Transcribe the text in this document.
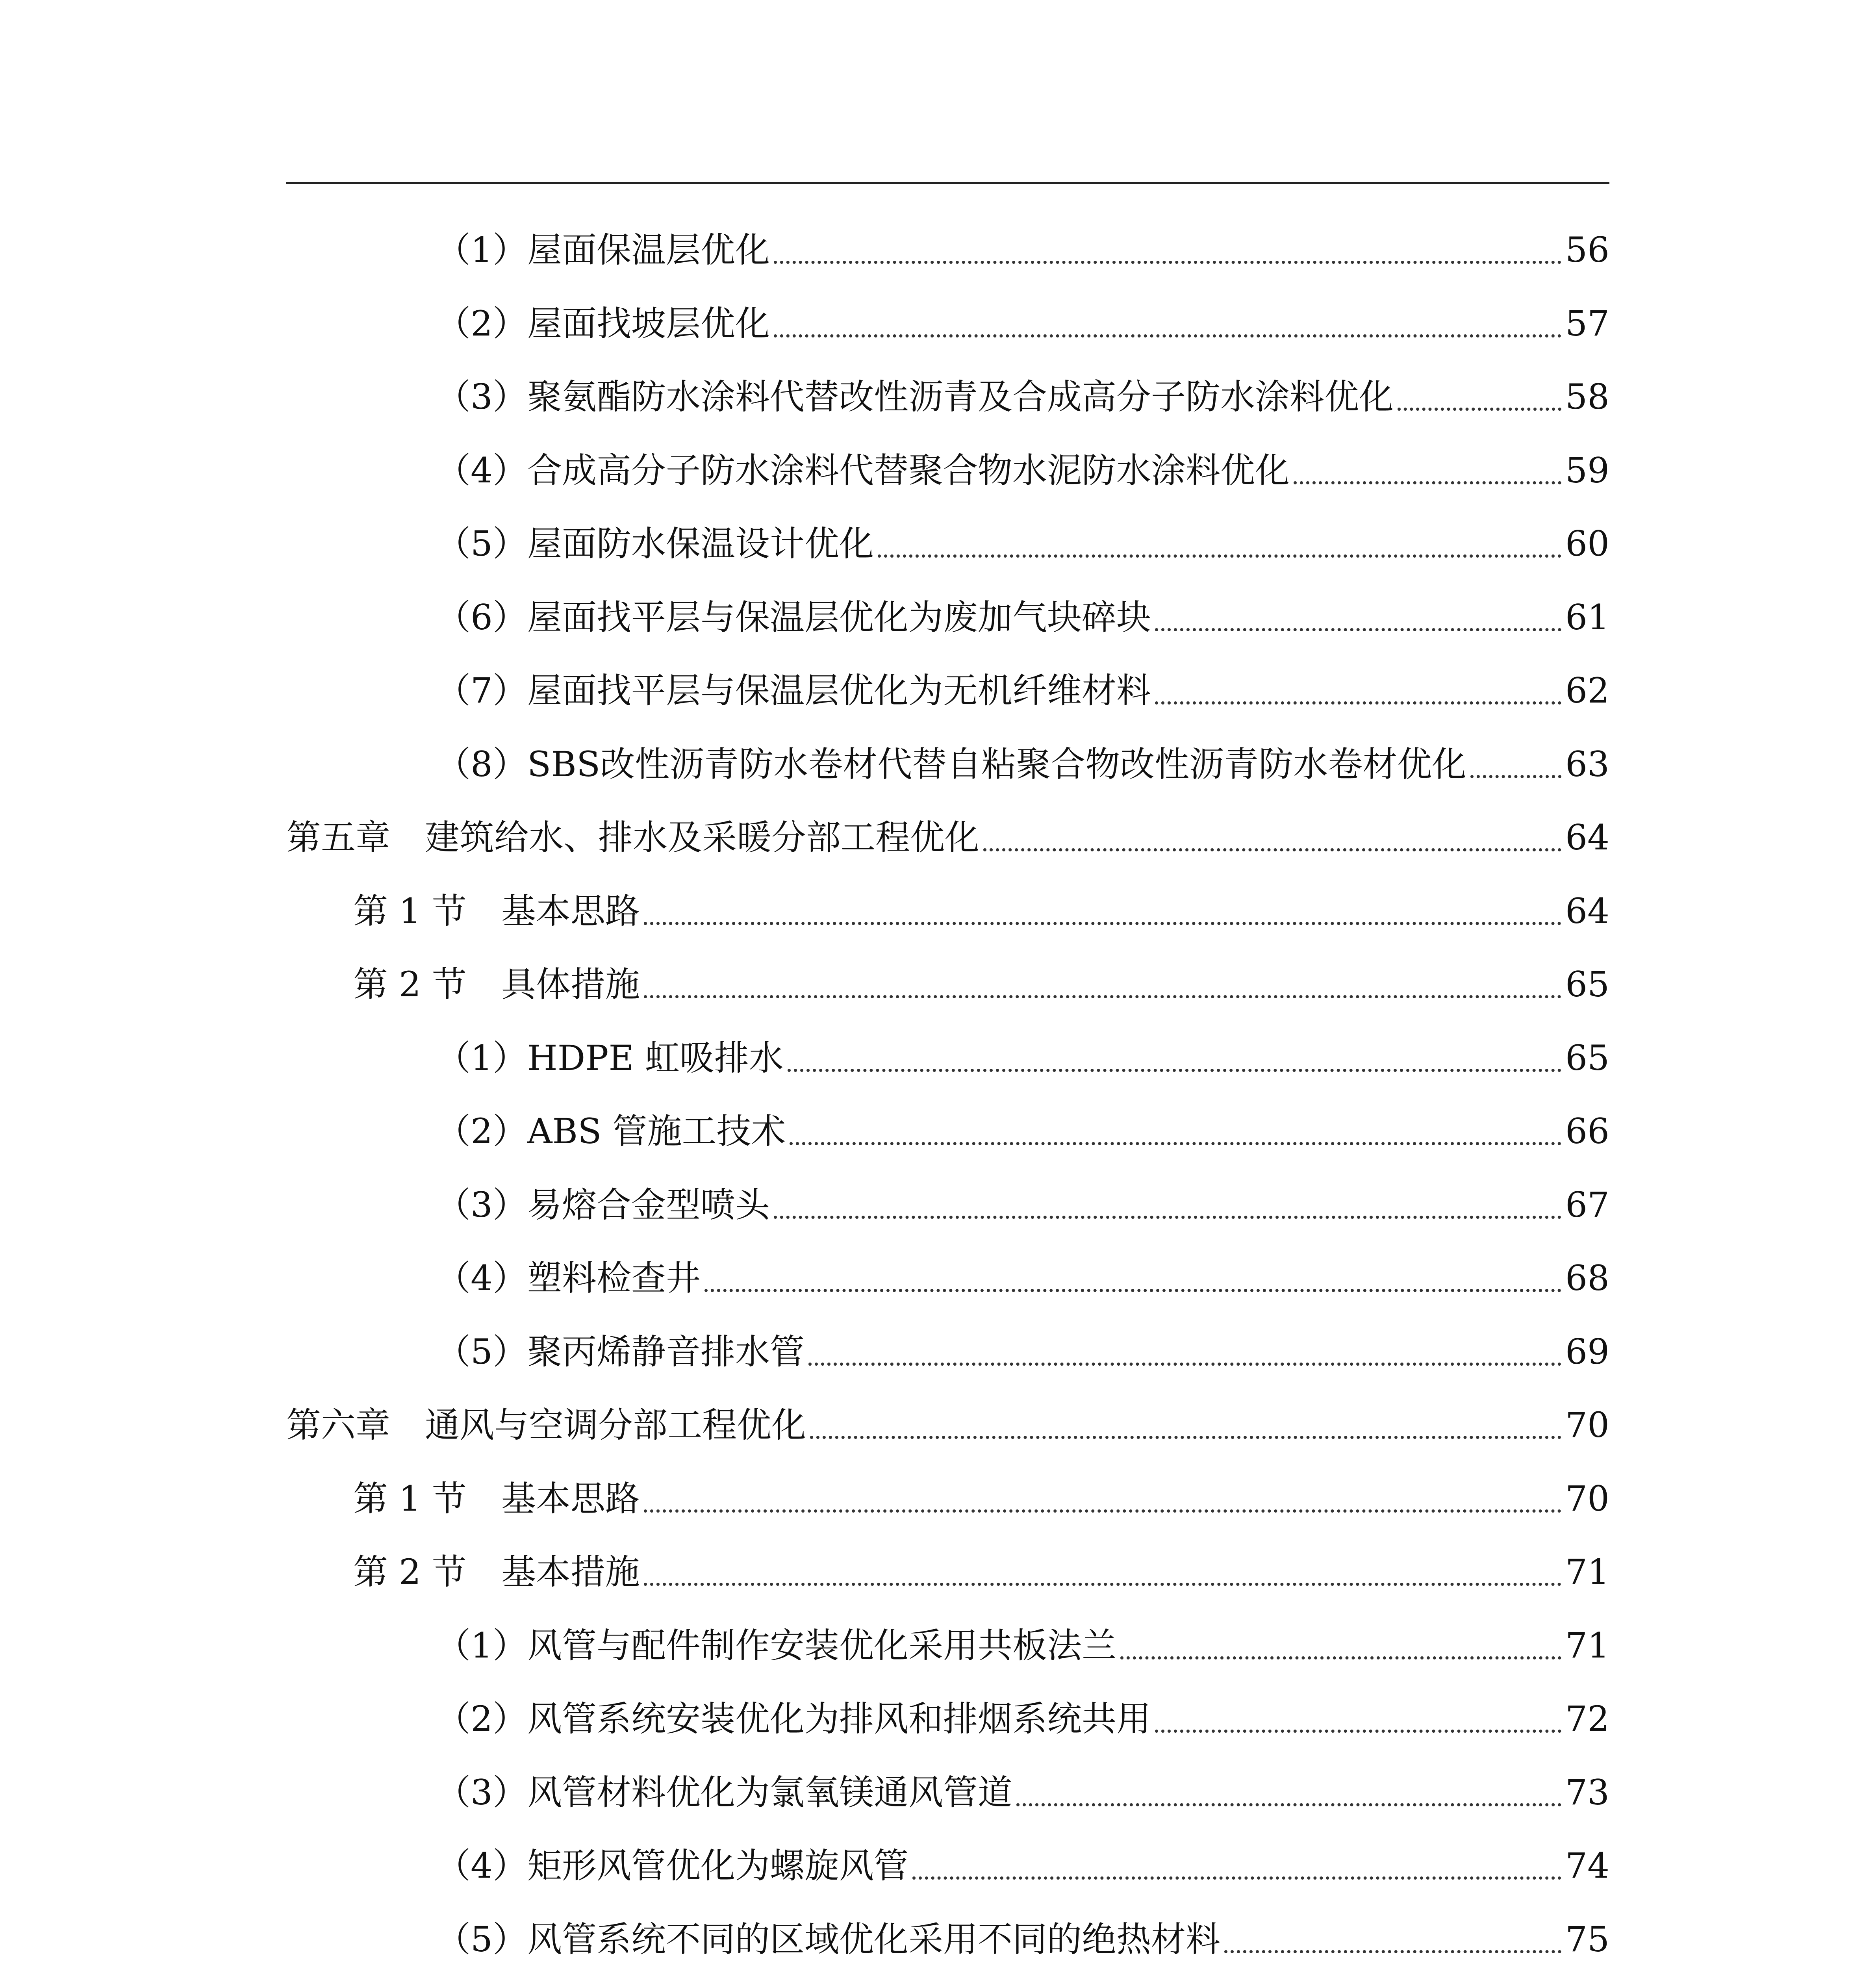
（1）屋面保温层优化	56
（2）屋面找坡层优化	57
（3）聚氨酯防水涂料代替改性沥青及合成高分子防水涂料优化	58
（4）合成高分子防水涂料代替聚合物水泥防水涂料优化	59
（5）屋面防水保温设计优化	60
（6）屋面找平层与保温层优化为废加气块碎块	61
（7）屋面找平层与保温层优化为无机纤维材料	62
（8）SBS改性沥青防水卷材代替自粘聚合物改性沥青防水卷材优化	63
第五章　建筑给水、排水及采暖分部工程优化	64
第 1 节　基本思路	64
第 2 节　具体措施	65
（1）HDPE 虹吸排水	65
（2）ABS 管施工技术	66
（3）易熔合金型喷头	67
（4）塑料检查井	68
（5）聚丙烯静音排水管	69
第六章　通风与空调分部工程优化	70
第 1 节　基本思路	70
第 2 节　基本措施	71
（1）风管与配件制作安装优化采用共板法兰	71
（2）风管系统安装优化为排风和排烟系统共用	72
（3）风管材料优化为氯氧镁通风管道	73
（4）矩形风管优化为螺旋风管	74
（5）风管系统不同的区域优化采用不同的绝热材料	75
